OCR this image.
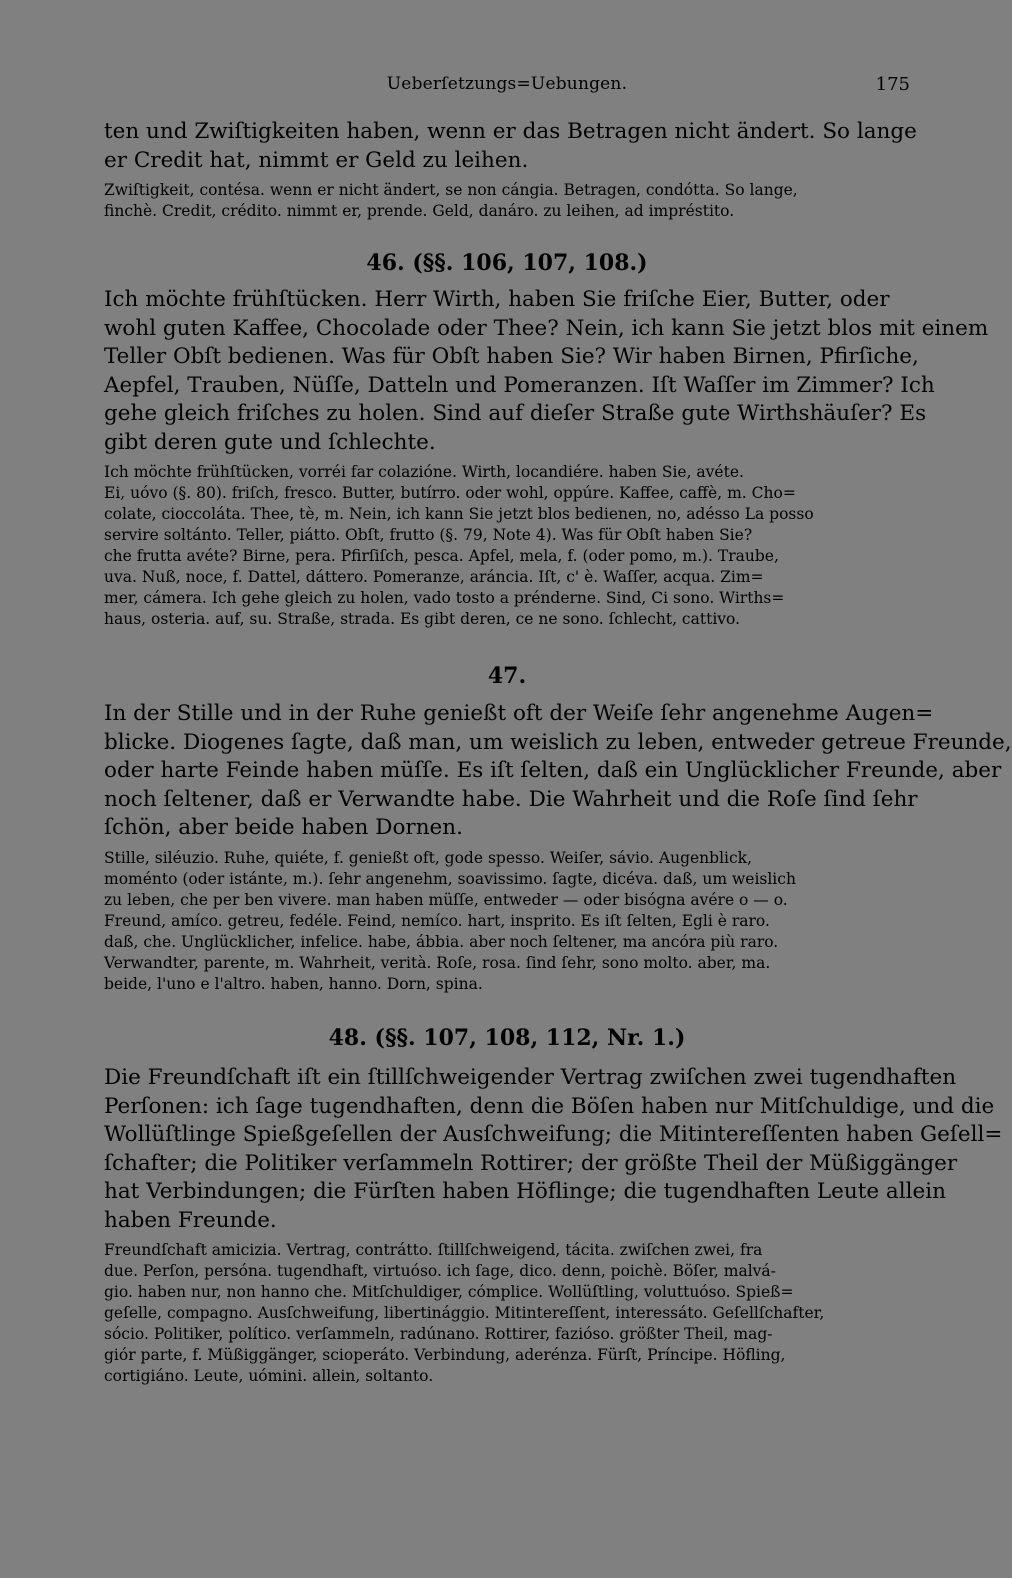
Ueberſetzungs=Uebungen.	175
ten und Zwiſtigkeiten haben, wenn er das Betragen nicht ändert. So lange
er Credit hat, nimmt er Geld zu leihen.
Zwiſtigkeit, contésa. wenn er nicht ändert, se non cángia. Betragen, condótta. So lange,
finchè. Credit, crédito. nimmt er, prende. Geld, danáro. zu leihen, ad impréstito.
46. (§§. 106, 107, 108.)
Ich möchte frühſtücken. Herr Wirth, haben Sie friſche Eier, Butter, oder
wohl guten Kaffee, Chocolade oder Thee? Nein, ich kann Sie jetzt blos mit einem
Teller Obſt bedienen. Was für Obſt haben Sie? Wir haben Birnen, Pfirſiche,
Aepfel, Trauben, Nüſſe, Datteln und Pomeranzen. Iſt Waſſer im Zimmer? Ich
gehe gleich friſches zu holen. Sind auf dieſer Straße gute Wirthshäuſer? Es
gibt deren gute und ſchlechte.
Ich möchte frühſtücken, vorréi far colazióne. Wirth, locandiére. haben Sie, avéte.
Ei, uóvo (§. 80). friſch, fresco. Butter, butírro. oder wohl, oppúre. Kaffee, caffè, m. Cho=
colate, cioccoláta. Thee, tè, m. Nein, ich kann Sie jetzt blos bedienen, no, adésso La posso
servire soltánto. Teller, piátto. Obſt, frutto (§. 79, Note 4). Was für Obſt haben Sie?
che frutta avéte? Birne, pera. Pfirſiſch, pesca. Apfel, mela, f. (oder pomo, m.). Traube,
uva. Nuß, noce, f. Dattel, dáttero. Pomeranze, aráncia. Iſt, c' è. Waſſer, acqua. Zim=
mer, cámera. Ich gehe gleich zu holen, vado tosto a prénderne. Sind, Ci sono. Wirths=
haus, osteria. auf, su. Straße, strada. Es gibt deren, ce ne sono. ſchlecht, cattivo.
47.
In der Stille und in der Ruhe genießt oft der Weiſe ſehr angenehme Augen=
blicke. Diogenes ſagte, daß man, um weislich zu leben, entweder getreue Freunde,
oder harte Feinde haben müſſe. Es iſt ſelten, daß ein Unglücklicher Freunde, aber
noch ſeltener, daß er Verwandte habe. Die Wahrheit und die Roſe ſind ſehr
ſchön, aber beide haben Dornen.
Stille, siléuzio. Ruhe, quiéte, f. genießt oft, gode spesso. Weiſer, sávio. Augenblick,
moménto (oder istánte, m.). ſehr angenehm, soavissimo. ſagte, dicéva. daß, um weislich
zu leben, che per ben vivere. man haben müſſe, entweder — oder bisógna avére o — o.
Freund, amíco. getreu, fedéle. Feind, nemíco. hart, insprito. Es iſt ſelten, Egli è raro.
daß, che. Unglücklicher, infelice. habe, ábbia. aber noch ſeltener, ma ancóra più raro.
Verwandter, parente, m. Wahrheit, verità. Roſe, rosa. ſind ſehr, sono molto. aber, ma.
beide, l'uno e l'altro. haben, hanno. Dorn, spina.
48. (§§. 107, 108, 112, Nr. 1.)
Die Freundſchaft iſt ein ſtillſchweigender Vertrag zwiſchen zwei tugendhaften
Perſonen: ich ſage tugendhaften, denn die Böſen haben nur Mitſchuldige, und die
Wollüſtlinge Spießgeſellen der Ausſchweifung; die Mitintereſſenten haben Geſell=
ſchafter; die Politiker verſammeln Rottirer; der größte Theil der Müßiggänger
hat Verbindungen; die Fürſten haben Höflinge; die tugendhaften Leute allein
haben Freunde.
Freundſchaft amicizia. Vertrag, contrátto. ſtillſchweigend, tácita. zwiſchen zwei, fra
due. Perſon, persóna. tugendhaft, virtuóso. ich ſage, dico. denn, poichè. Böſer, malvá-
gio. haben nur, non hanno che. Mitſchuldiger, cómplice. Wollüſtling, voluttuóso. Spieß=
geſelle, compagno. Ausſchweifung, libertinággio. Mitintereſſent, interessáto. Geſellſchafter,
sócio. Politiker, político. verſammeln, radúnano. Rottirer, fazióso. größter Theil, mag-
giór parte, f. Müßiggänger, scioperáto. Verbindung, aderénza. Fürſt, Príncipe. Höfling,
cortigiáno. Leute, uómini. allein, soltanto.
